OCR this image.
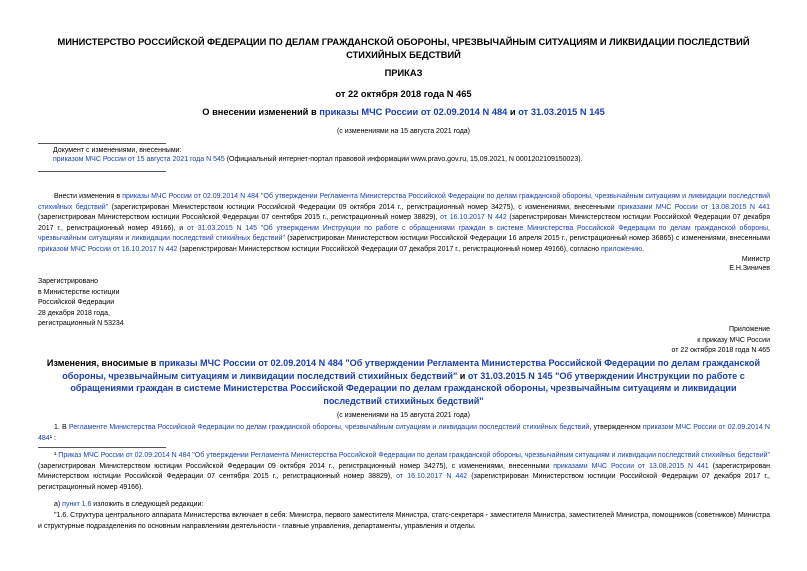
МИНИСТЕРСТВО РОССИЙСКОЙ ФЕДЕРАЦИИ ПО ДЕЛАМ ГРАЖДАНСКОЙ ОБОРОНЫ, ЧРЕЗВЫЧАЙНЫМ СИТУАЦИЯМ И ЛИКВИДАЦИИ ПОСЛЕДСТВИЙ СТИХИЙНЫХ БЕДСТВИЙ
ПРИКАЗ
от 22 октября 2018 года N 465
О внесении изменений в приказы МЧС России от 02.09.2014 N 484 и от 31.03.2015 N 145
(с изменениями на 15 августа 2021 года)
Документ с изменениями, внесенными:
приказом МЧС России от 15 августа 2021 года N 545 (Официальный интернет-портал правовой информации www.pravo.gov.ru, 15.09.2021, N 0001202109150023).
Внести изменения в приказы МЧС России от 02.09.2014 N 484 "Об утверждении Регламента Министерства Российской Федерации по делам гражданской обороны, чрезвычайным ситуациям и ликвидации последствий стихийных бедствий" (зарегистрирован Министерством юстиции Российской Федерации 09 октября 2014 г., регистрационный номер 34275), с изменениями, внесенными приказами МЧС России от 13.08.2015 N 441 (зарегистрирован Министерством юстиции Российской Федерации 07 сентября 2015 г., регистрационный номер 38829), от 16.10.2017 N 442 (зарегистрирован Министерством юстиции Российской Федерации 07 декабря 2017 г., регистрационный номер 49166), и от 31.03.2015 N 145 "Об утверждении Инструкции по работе с обращениями граждан в системе Министерства Российской Федерации по делам гражданской обороны, чрезвычайным ситуациям и ликвидации последствий стихийных бедствий" (зарегистрирован Министерством юстиции Российской Федерации 16 апреля 2015 г., регистрационный номер 36865) с изменениями, внесенными приказом МЧС России от 16.10.2017 N 442 (зарегистрирован Министерством юстиции Российской Федерации 07 декабря 2017 г., регистрационный номер 49166), согласно приложению.
Министр
Е.Н.Зиничев
Зарегистрировано
в Министерстве юстиции
Российской Федерации
28 декабря 2018 года,
регистрационный N 53234
Приложение
к приказу МЧС России
от 22 октября 2018 года N 465
Изменения, вносимые в приказы МЧС России от 02.09.2014 N 484 "Об утверждении Регламента Министерства Российской Федерации по делам гражданской обороны, чрезвычайным ситуациям и ликвидации последствий стихийных бедствий" и от 31.03.2015 N 145 "Об утверждении Инструкции по работе с обращениями граждан в системе Министерства Российской Федерации по делам гражданской обороны, чрезвычайным ситуациям и ликвидации последствий стихийных бедствий"
(с изменениями на 15 августа 2021 года)
1. В Регламенте Министерства Российской Федерации по делам гражданской обороны, чрезвычайным ситуациям и ликвидации последствий стихийных бедствий, утвержденном приказом МЧС России от 02.09.2014 N 484¹ :
¹ Приказ МЧС России от 02.09.2014 N 484 "Об утверждении Регламента Министерства Российской Федерации по делам гражданской обороны, чрезвычайным ситуациям и ликвидации последствий стихийных бедствий" (зарегистрирован Министерством юстиции Российской Федерации 09 октября 2014 г., регистрационный номер 34275), с изменениями, внесенными приказами МЧС России от 13.08.2015 N 441 (зарегистрирован Министерством юстиции Российской Федерации 07 сентября 2015 г., регистрационный номер 38829), от 16.10.2017 N 442 (зарегистрирован Министерством юстиции Российской Федерации 07 декабря 2017 г., регистрационный номер 49166).
а) пункт 1.6 изложить в следующей редакции:
"1.6. Структура центрального аппарата Министерства включает в себя: Министра, первого заместителя Министра, статс-секретаря - заместителя Министра, заместителей Министра, помощников (советников) Министра и структурные подразделения по основным направлениям деятельности - главные управления, департаменты, управления и отделы.
